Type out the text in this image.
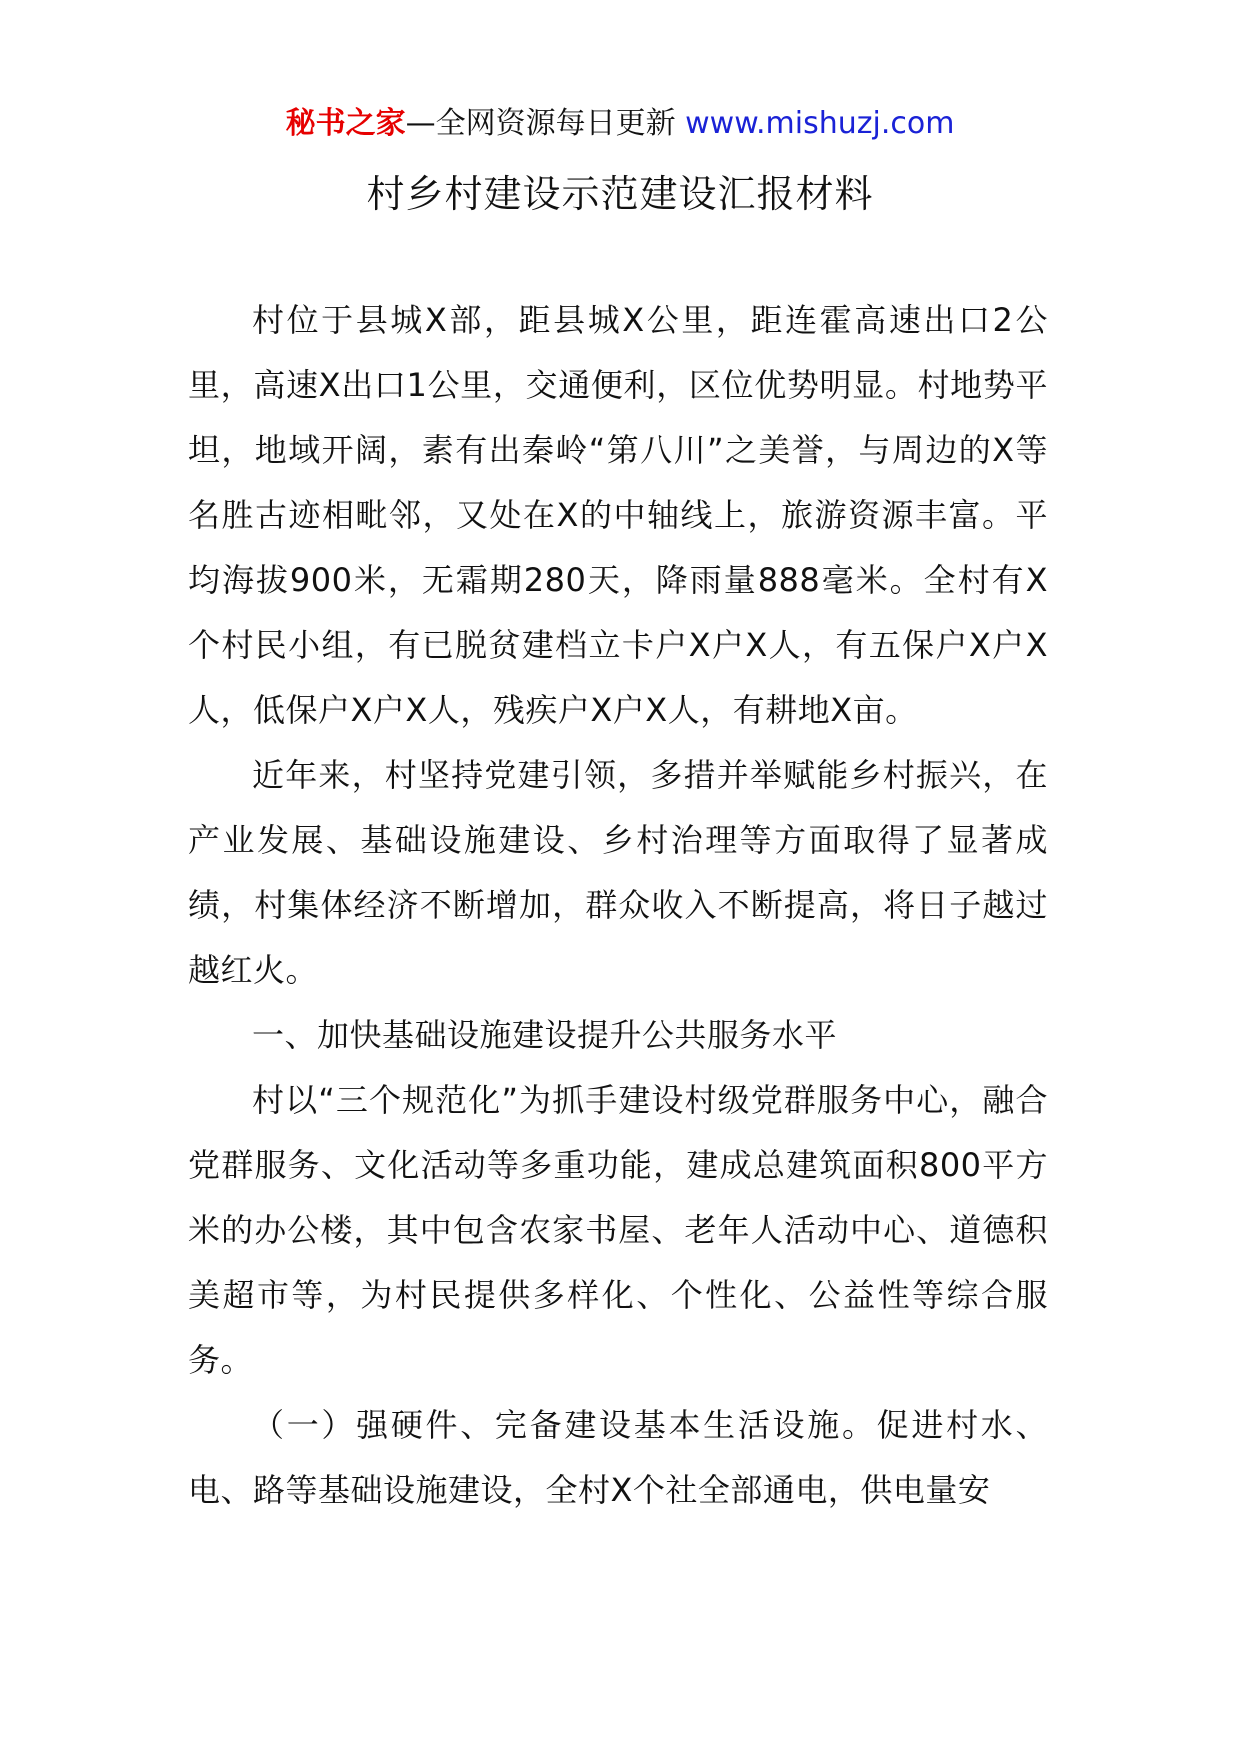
秘书之家—全网资源每日更新 www.mishuzj.com
村乡村建设示范建设汇报材料

村位于县城X部，距县城X公里，距连霍高速出口2公里，高速X出口1公里，交通便利，区位优势明显。村地势平坦，地域开阔，素有出秦岭“第八川”之美誉，与周边的X等名胜古迹相毗邻，又处在X的中轴线上，旅游资源丰富。平均海拔900米，无霜期280天，降雨量888毫米。全村有X个村民小组，有已脱贫建档立卡户X户X人，有五保户X户X人，低保户X户X人，残疾户X户X人，有耕地X亩。

近年来，村坚持党建引领，多措并举赋能乡村振兴，在产业发展、基础设施建设、乡村治理等方面取得了显著成绩，村集体经济不断增加，群众收入不断提高，将日子越过越红火。

一、加快基础设施建设提升公共服务水平

村以“三个规范化”为抓手建设村级党群服务中心，融合党群服务、文化活动等多重功能，建成总建筑面积800平方米的办公楼，其中包含农家书屋、老年人活动中心、道德积美超市等，为村民提供多样化、个性化、公益性等综合服务。

（一）强硬件、完备建设基本生活设施。促进村水、电、路等基础设施建设，全村X个社全部通电，供电量安
